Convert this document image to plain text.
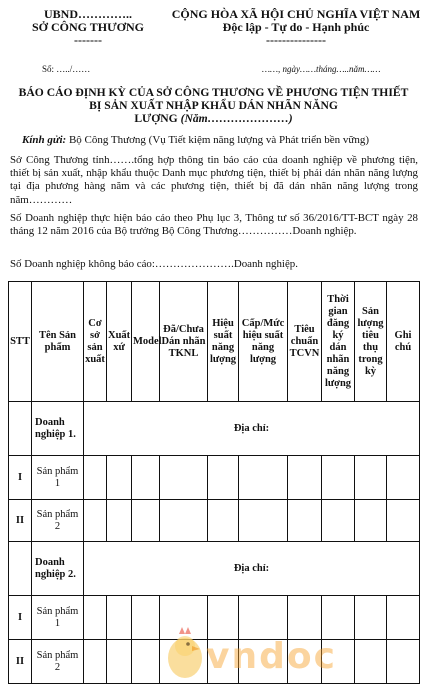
UBND…………..
SỞ CÔNG THƯƠNG
-------
CỘNG HÒA XÃ HỘI CHỦ NGHĨA VIỆT NAM
Độc lập - Tự do - Hạnh phúc
---------------
Số: …../……	……, ngày……tháng…..năm……
BÁO CÁO ĐỊNH KỲ CỦA SỞ CÔNG THƯƠNG VỀ PHƯƠNG TIỆN THIẾT
BỊ SẢN XUẤT NHẬP KHẨU DÁN NHÃN NĂNG
LƯỢNG (Năm…………………)
Kính gửi: Bộ Công Thương (Vụ Tiết kiệm năng lượng và Phát triển bền vững)
Sở Công Thương tỉnh…….tổng hợp thông tin báo cáo của doanh nghiệp về phương tiện, thiết bị sản xuất, nhập khẩu thuộc Danh mục phương tiện, thiết bị phải dán nhãn năng lượng tại địa phương hàng năm và các phương tiện, thiết bị đã dán nhãn năng lượng trong năm…………
Số Doanh nghiệp thực hiện báo cáo theo Phụ lục 3, Thông tư số 36/2016/TT-BCT ngày 28 tháng 12 năm 2016 của Bộ trưởng Bộ Công Thương……………Doanh nghiệp.
Số Doanh nghiệp không báo cáo:………………….Doanh nghiệp.
STT	Tên Sản phẩm	Cơ sở sản xuất	Xuất xứ	Model	Đã/Chưa Dán nhãn TKNL	Hiệu suất năng lượng	Cấp/Mức hiệu suất năng lượng	Tiêu chuẩn TCVN	Thời gian đăng ký dán nhãn năng lượng	Sản lượng tiêu thụ trong kỳ	Ghi chú
	Doanh nghiệp 1.	Địa chỉ:									
I	Sản phẩm 1										
II	Sản phẩm 2										
	Doanh nghiệp 2.	Địa chỉ:									
I	Sản phẩm 1										
II	Sản phẩm 2											vndoc
